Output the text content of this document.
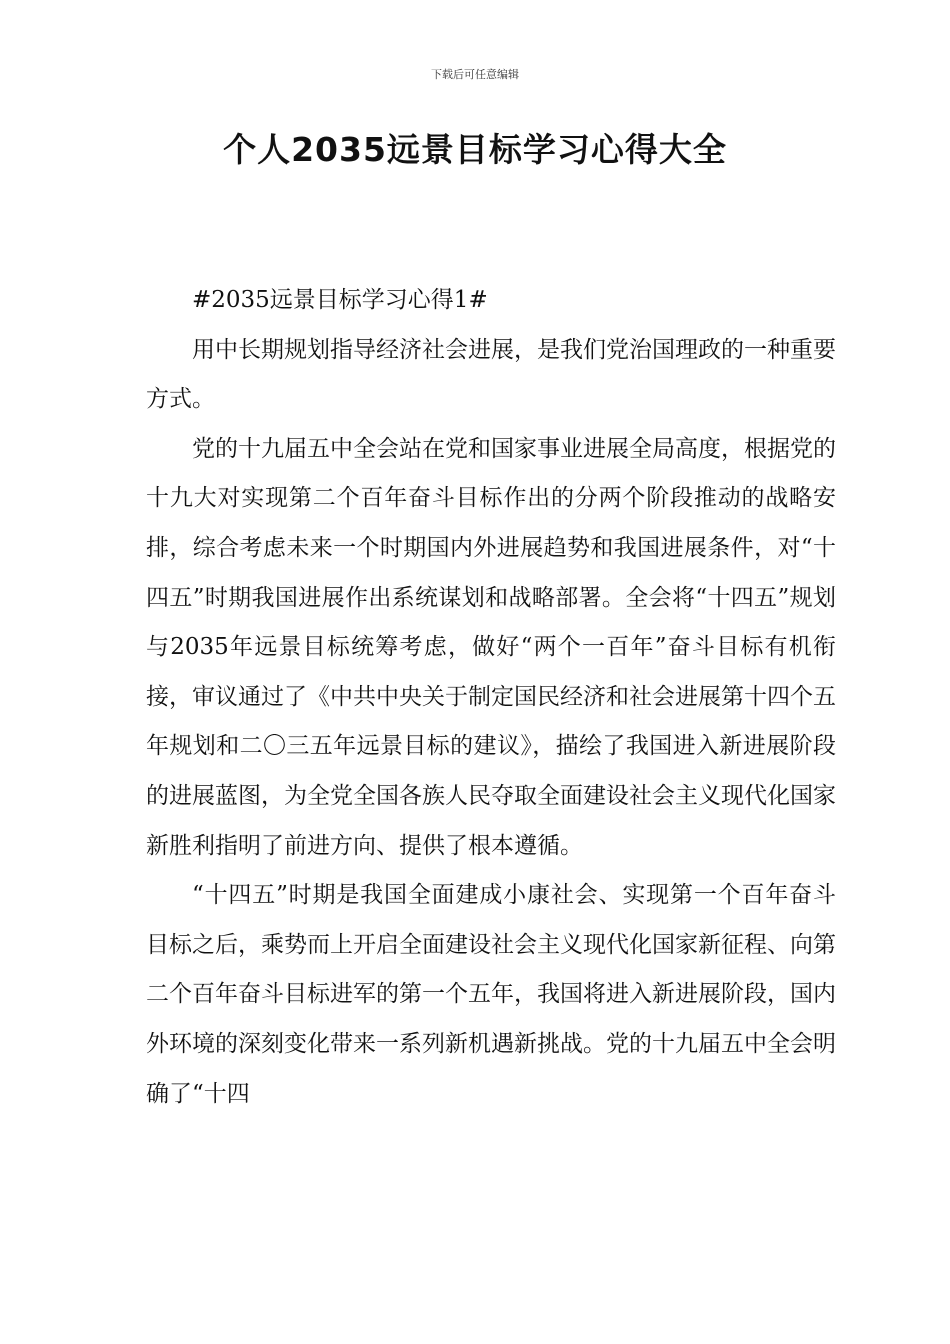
下载后可任意编辑
个人2035远景目标学习心得大全

#2035远景目标学习心得1#

用中长期规划指导经济社会进展，是我们党治国理政的一种重要方式。

党的十九届五中全会站在党和国家事业进展全局高度，根据党的十九大对实现第二个百年奋斗目标作出的分两个阶段推动的战略安排，综合考虑未来一个时期国内外进展趋势和我国进展条件，对“十四五”时期我国进展作出系统谋划和战略部署。全会将“十四五”规划与2035年远景目标统筹考虑，做好“两个一百年”奋斗目标有机衔接，审议通过了《中共中央关于制定国民经济和社会进展第十四个五年规划和二〇三五年远景目标的建议》，描绘了我国进入新进展阶段的进展蓝图，为全党全国各族人民夺取全面建设社会主义现代化国家新胜利指明了前进方向、提供了根本遵循。

“十四五”时期是我国全面建成小康社会、实现第一个百年奋斗目标之后，乘势而上开启全面建设社会主义现代化国家新征程、向第二个百年奋斗目标进军的第一个五年，我国将进入新进展阶段，国内外环境的深刻变化带来一系列新机遇新挑战。党的十九届五中全会明确了“十四
